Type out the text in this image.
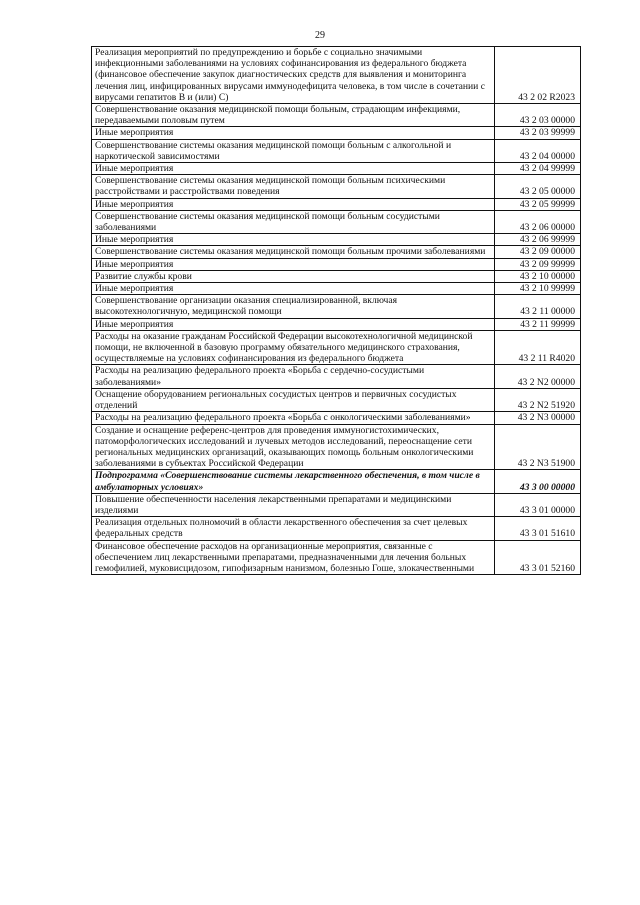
29
Реализация мероприятий по предупреждению и борьбе с социально значимыми инфекционными заболеваниями на условиях софинансирования из федерального бюджета (финансовое обеспечение закупок диагностических средств для выявления и мониторинга лечения лиц, инфицированных вирусами иммунодефицита человека, в том числе в сочетании с вирусами гепатитов В и (или) С)	43 2 02 R2023
Совершенствование оказания медицинской помощи больным, страдающим инфекциями, передаваемыми половым путем	43 2 03 00000
Иные мероприятия	43 2 03 99999
Совершенствование системы оказания медицинской помощи больным с алкогольной и наркотической зависимостями	43 2 04 00000
Иные мероприятия	43 2 04 99999
Совершенствование системы оказания медицинской помощи больным психическими расстройствами и расстройствами поведения	43 2 05 00000
Иные мероприятия	43 2 05 99999
Совершенствование системы оказания медицинской помощи больным сосудистыми заболеваниями	43 2 06 00000
Иные мероприятия	43 2 06 99999
Совершенствование системы оказания медицинской помощи больным прочими заболеваниями	43 2 09 00000
Иные мероприятия	43 2 09 99999
Развитие службы крови	43 2 10 00000
Иные мероприятия	43 2 10 99999
Совершенствование организации оказания специализированной, включая высокотехнологичную, медицинской помощи	43 2 11 00000
Иные мероприятия	43 2 11 99999
Расходы на оказание гражданам Российской Федерации высокотехнологичной медицинской помощи, не включенной в базовую программу обязательного медицинского страхования, осуществляемые на условиях софинансирования из федерального бюджета	43 2 11 R4020
Расходы на реализацию федерального проекта «Борьба с сердечно-сосудистыми заболеваниями»	43 2 N2 00000
Оснащение оборудованием региональных сосудистых центров и первичных сосудистых отделений	43 2 N2 51920
Расходы на реализацию федерального проекта «Борьба с онкологическими заболеваниями»	43 2 N3 00000
Создание и оснащение референс-центров для проведения иммуногистохимических, патоморфологических исследований и лучевых методов исследований, переоснащение сети региональных медицинских организаций, оказывающих помощь больным онкологическими заболеваниями в субъектах Российской Федерации	43 2 N3 51900
Подпрограмма «Совершенствование системы лекарственного обеспечения, в том числе в амбулаторных условиях»	43 3 00 00000
Повышение обеспеченности населения лекарственными препаратами и медицинскими изделиями	43 3 01 00000
Реализация отдельных полномочий в области лекарственного обеспечения за счет целевых федеральных средств	43 3 01 51610
Финансовое обеспечение расходов на организационные мероприятия, связанные с обеспечением лиц лекарственными препаратами, предназначенными для лечения больных гемофилией, муковисцидозом, гипофизарным нанизмом, болезнью Гоше, злокачественными	43 3 01 52160
